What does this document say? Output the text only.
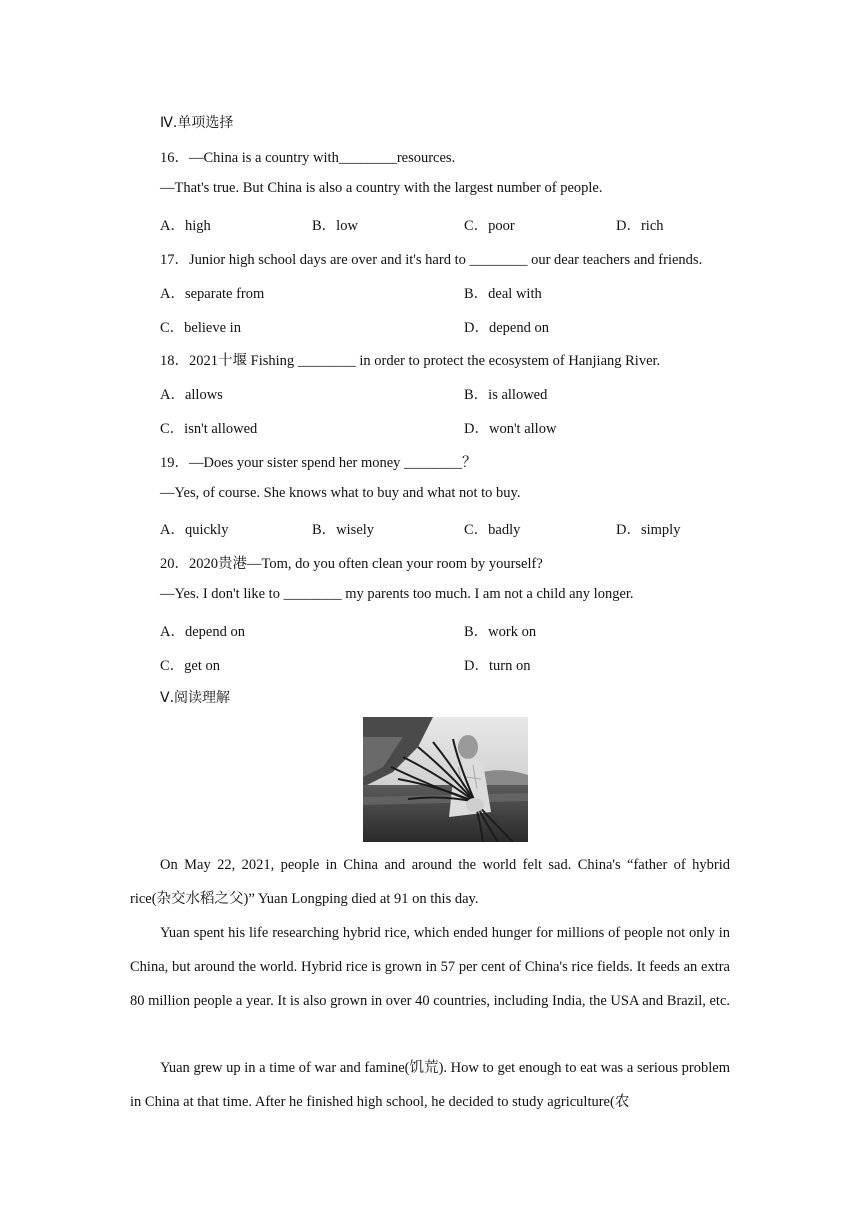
Ⅳ.单项选择
16．—China is a country with________resources.
—That's true. But China is also a country with the largest number of people.
A．high	B．low	C．poor	D．rich
17．Junior high school days are over and it's hard to ________ our dear teachers and friends.
A．separate from	B．deal with
C．believe in	D．depend on
18．2021十堰 Fishing ________ in order to protect the ecosystem of Hanjiang River.
A．allows	B．is allowed
C．isn't allowed	D．won't allow
19．—Does your sister spend her money ________？
—Yes, of course. She knows what to buy and what not to buy.
A．quickly	B．wisely	C．badly	D．simply
20．2020贵港—Tom, do you often clean your room by yourself?
—Yes. I don't like to ________ my parents too much. I am not a child any longer.
A．depend on	B．work on
C．get on	D．turn on
Ⅴ.阅读理解
On May 22, 2021, people in China and around the world felt sad. China's “father of hybrid rice(杂交水稻之父)” Yuan Longping died at 91 on this day.
Yuan spent his life researching hybrid rice, which ended hunger for millions of people not only in China, but around the world. Hybrid rice is grown in 57 per cent of China's rice fields. It feeds an extra 80 million people a year. It is also grown in over 40 countries, including India, the USA and Brazil, etc.
Yuan grew up in a time of war and famine(饥荒). How to get enough to eat was a serious problem in China at that time. After he finished high school, he decided to study agriculture(农
